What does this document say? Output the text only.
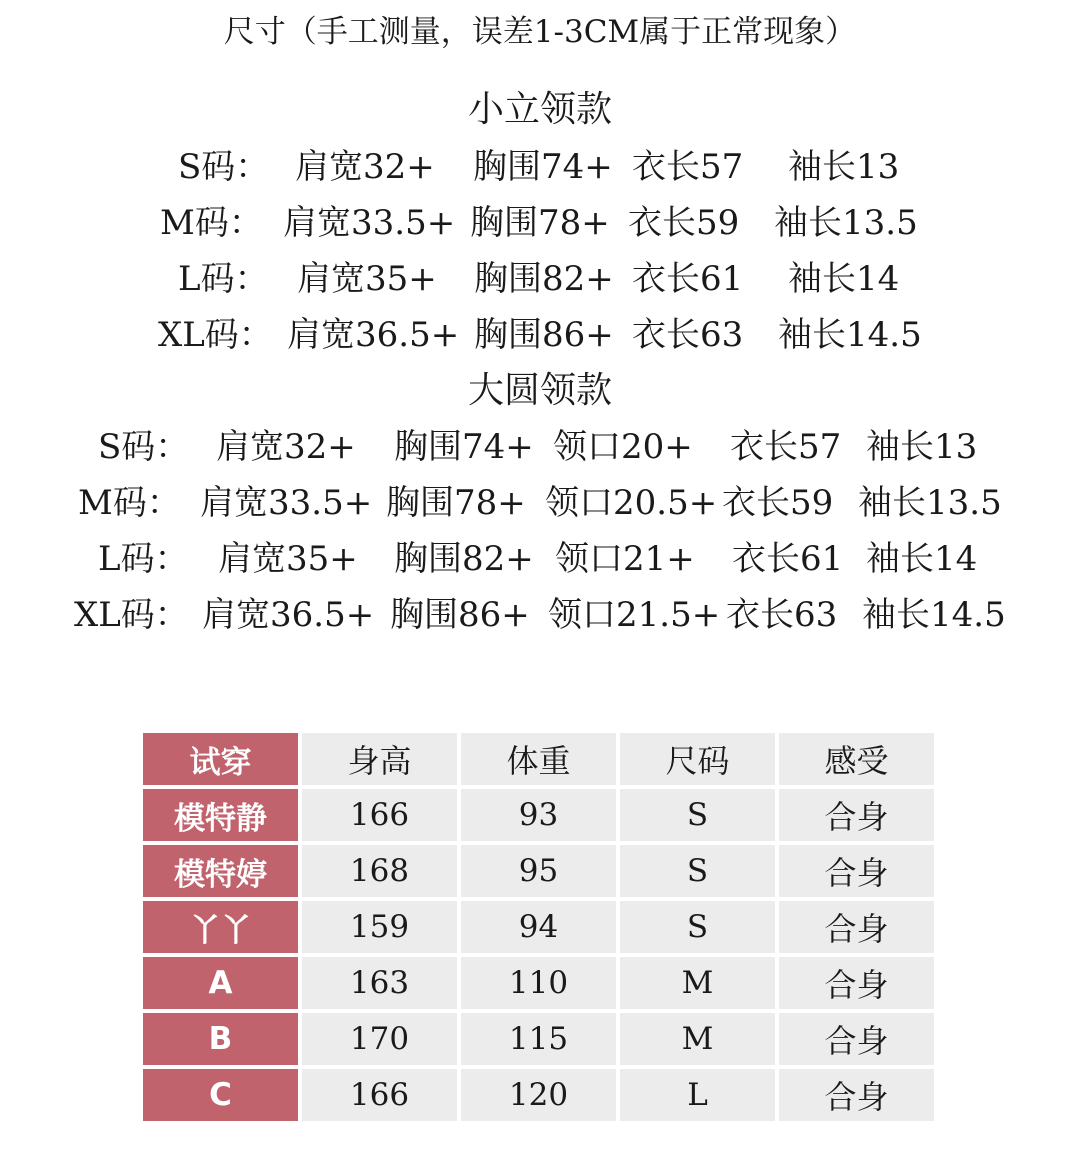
尺寸（手工测量，误差1-3CM属于正常现象）
小立领款
S码： 肩宽32+ 胸围74+ 衣长57 袖长13
M码： 肩宽33.5+ 胸围78+ 衣长59 袖长13.5
L码： 肩宽35+ 胸围82+ 衣长61 袖长14
XL码： 肩宽36.5+ 胸围86+ 衣长63 袖长14.5
大圆领款
S码： 肩宽32+ 胸围74+ 领口20+ 衣长57 袖长13
M码： 肩宽33.5+ 胸围78+ 领口20.5+ 衣长59 袖长13.5
L码： 肩宽35+ 胸围82+ 领口21+ 衣长61 袖长14
XL码： 肩宽36.5+ 胸围86+ 领口21.5+ 衣长63 袖长14.5
试穿	身高	体重	尺码	感受
模特静	166	93	S	合身
模特婷	168	95	S	合身
丫丫	159	94	S	合身
A	163	110	M	合身
B	170	115	M	合身
C	166	120	L	合身
